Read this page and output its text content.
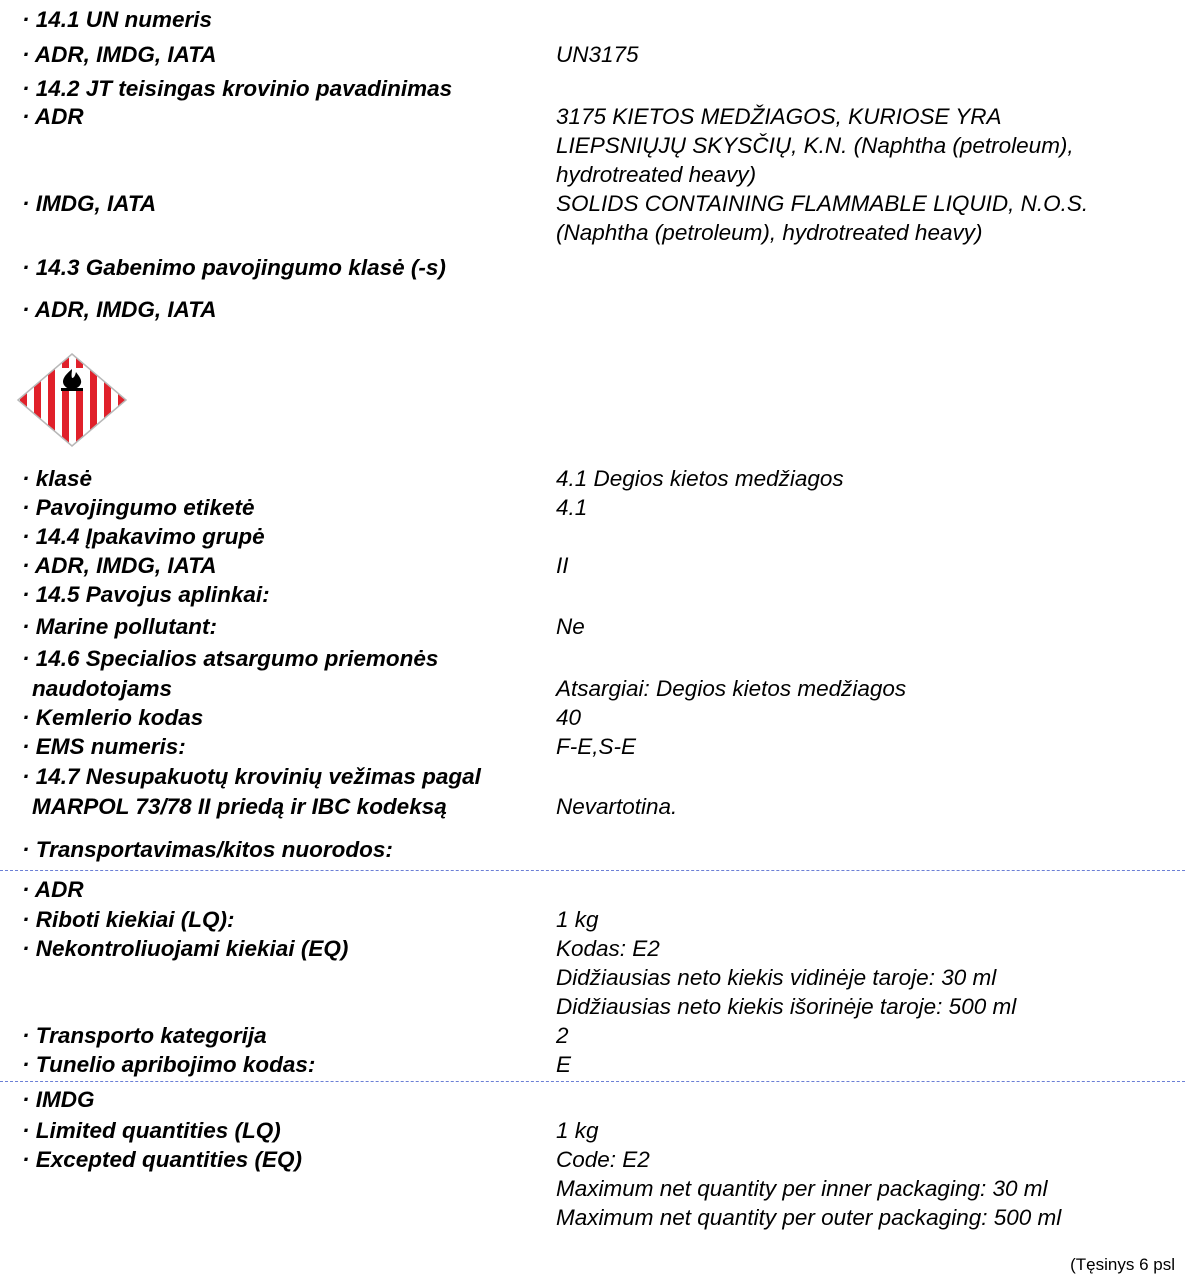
· 14.1 UN numeris
· ADR, IMDG, IATA	UN3175
· 14.2 JT teisingas krovinio pavadinimas
· ADR	3175 KIETOS MEDŽIAGOS, KURIOSE YRA
LIEPSNIŲJŲ SKYSČIŲ, K.N. (Naphtha (petroleum),
hydrotreated heavy)
· IMDG, IATA	SOLIDS CONTAINING FLAMMABLE LIQUID, N.O.S.
(Naphtha (petroleum), hydrotreated heavy)
· 14.3 Gabenimo pavojingumo klasė (-s)
· ADR, IMDG, IATA
· klasė	4.1 Degios kietos medžiagos
· Pavojingumo etiketė	4.1
· 14.4 Įpakavimo grupė
· ADR, IMDG, IATA	II
· 14.5 Pavojus aplinkai:
· Marine pollutant:	Ne
· 14.6 Specialios atsargumo priemonės
naudotojams	Atsargiai: Degios kietos medžiagos
· Kemlerio kodas	40
· EMS numeris:	F-E,S-E
· 14.7 Nesupakuotų krovinių vežimas pagal
MARPOL 73/78 II priedą ir IBC kodeksą	Nevartotina.
· Transportavimas/kitos nuorodos:
· ADR
· Riboti kiekiai (LQ):	1 kg
· Nekontroliuojami kiekiai (EQ)	Kodas: E2
Didžiausias neto kiekis vidinėje taroje: 30 ml
Didžiausias neto kiekis išorinėje taroje: 500 ml
· Transporto kategorija	2
· Tunelio apribojimo kodas:	E
· IMDG
· Limited quantities (LQ)	1 kg
· Excepted quantities (EQ)	Code: E2
Maximum net quantity per inner packaging: 30 ml
Maximum net quantity per outer packaging: 500 ml
(Tęsinys 6 psl
